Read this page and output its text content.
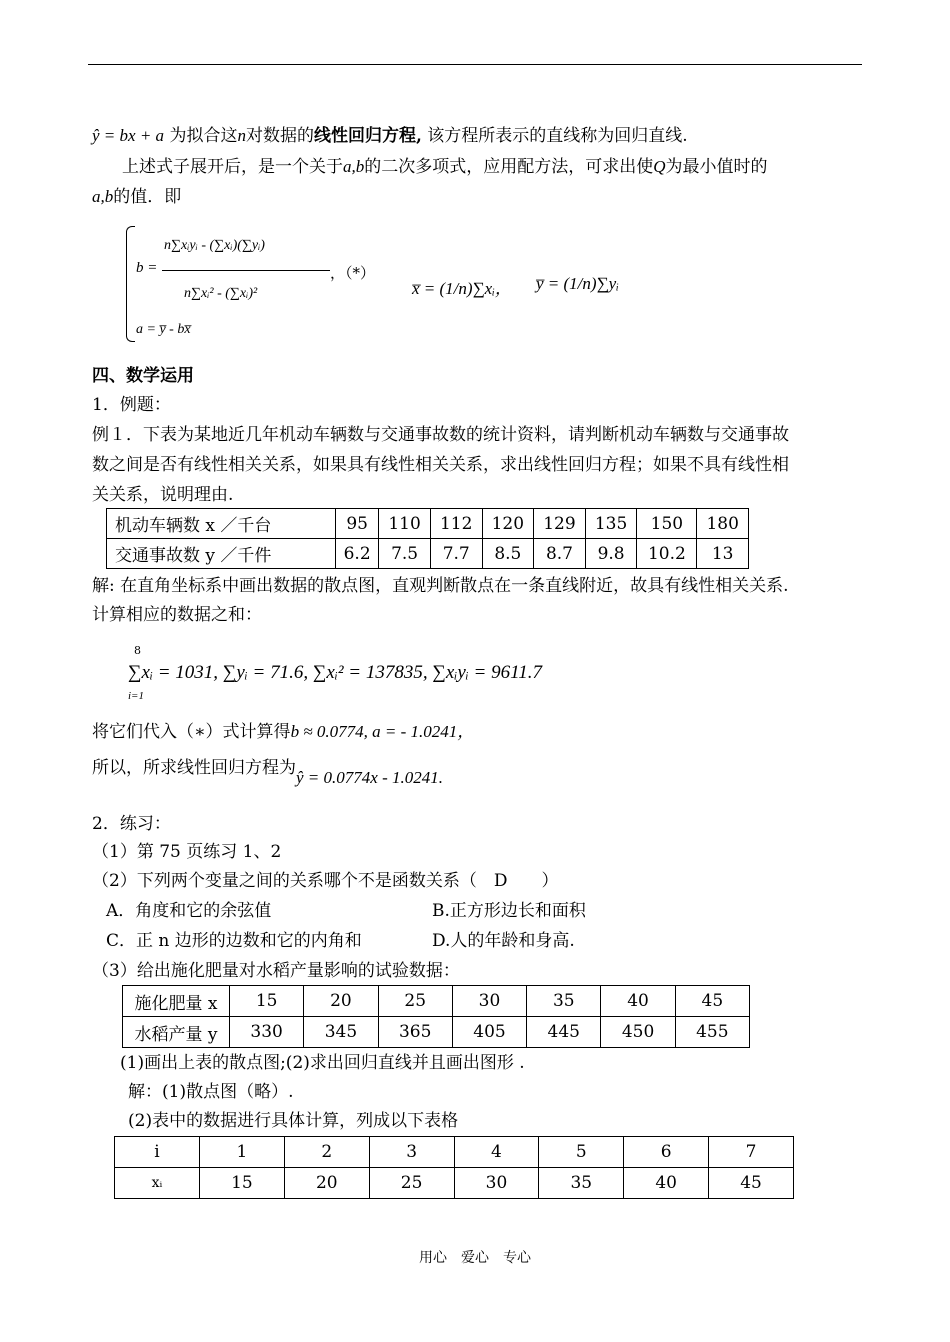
ŷ = bx + a 为拟合这n对数据的线性回归方程, 该方程所表示的直线称为回归直线.
上述式子展开后，是一个关于a,b的二次多项式，应用配方法，可求出使Q为最小值时的
a,b的值．即
b =
n∑xᵢyᵢ - (∑xᵢ)(∑yᵢ)
n∑xᵢ² - (∑xᵢ)²
，（*）
a = y̅ - bx̅
x̅ = (1/n)∑xᵢ， y̅ = (1/n)∑yᵢ
四、数学运用
1．例题：
例１．下表为某地近几年机动车辆数与交通事故数的统计资料，请判断机动车辆数与交通事故
数之间是否有线性相关关系，如果具有线性相关关系，求出线性回归方程；如果不具有线性相
关关系，说明理由.
机动车辆数 x ／千台	95	110	112	120	129	135	150	180
交通事故数 y ／千件	6.2	7.5	7.7	8.5	8.7	9.8	10.2	13
解: 在直角坐标系中画出数据的散点图，直观判断散点在一条直线附近，故具有线性相关关系.
计算相应的数据之和：
∑xᵢ = 1031, ∑yᵢ = 71.6, ∑xᵢ² = 137835, ∑xᵢyᵢ = 9611.7
8
i=1
将它们代入（∗）式计算得b ≈ 0.0774, a = - 1.0241，
所以，所求线性回归方程为ŷ = 0.0774x - 1.0241.
2．练习：
（1）第 75 页练习 1、2
（2）下列两个变量之间的关系哪个不是函数关系（　D　　）
A．角度和它的余弦值	B.正方形边长和面积
C．正 n 边形的边数和它的内角和	D.人的年龄和身高.
（3）给出施化肥量对水稻产量影响的试验数据：
施化肥量 x	15	20	25	30	35	40	45
水稻产量 y	330	345	365	405	445	450	455
(1)画出上表的散点图;(2)求出回归直线并且画出图形 .
解：(1)散点图（略）.
(2)表中的数据进行具体计算，列成以下表格
i	1	2	3	4	5	6	7
xᵢ	15	20	25	30	35	40	45
用心　爱心　专心
